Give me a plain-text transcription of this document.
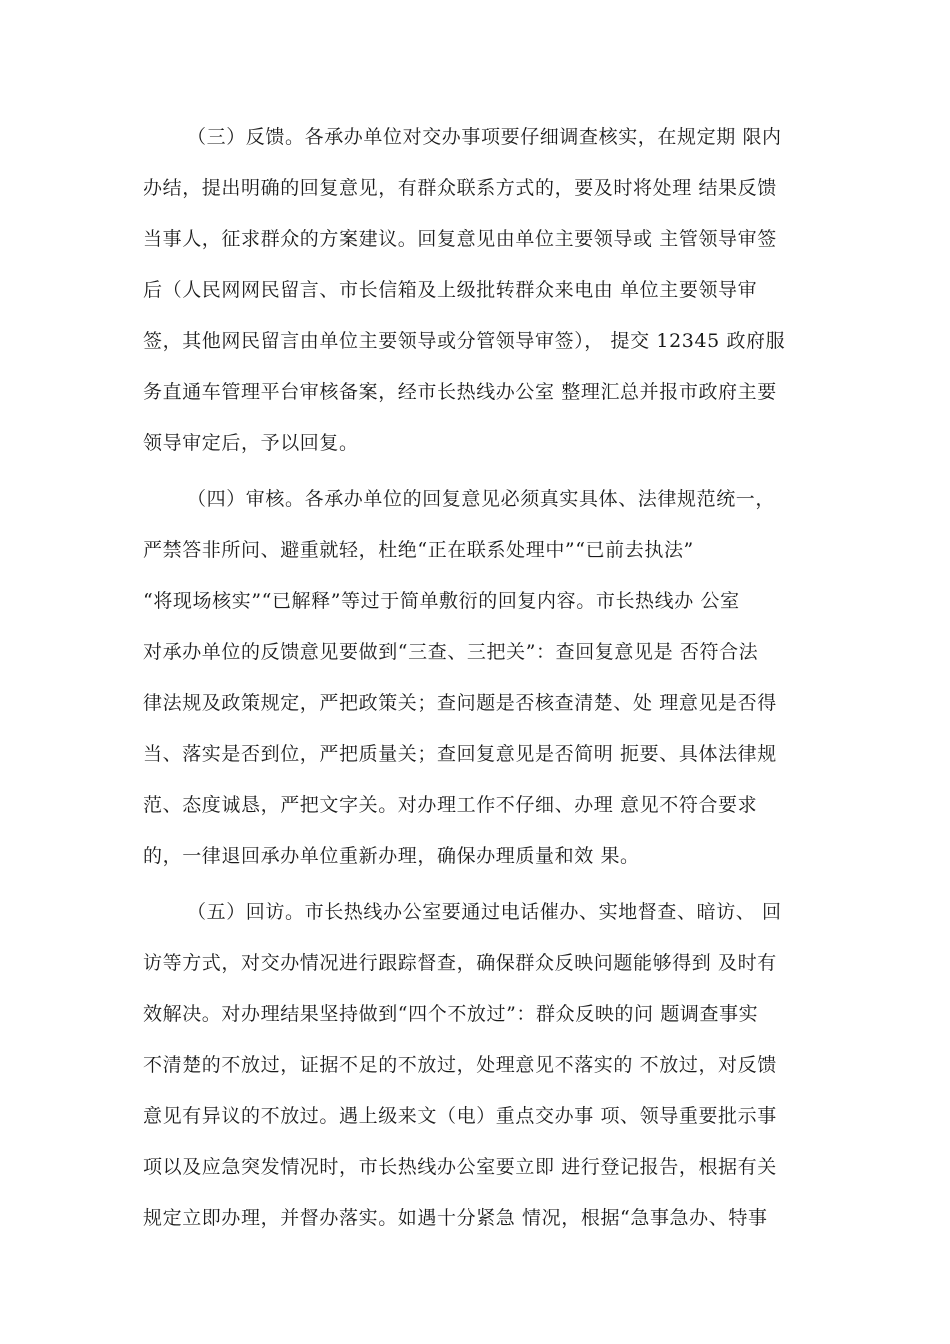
（三）反馈。各承办单位对交办事项要仔细调查核实，在规定期 限内
办结，提出明确的回复意见，有群众联系方式的，要及时将处理 结果反馈
当事人，征求群众的方案建议。回复意见由单位主要领导或 主管领导审签
后（人民网网民留言、市长信箱及上级批转群众来电由 单位主要领导审
签，其他网民留言由单位主要领导或分管领导审签）， 提交 12345 政府服
务直通车管理平台审核备案，经市长热线办公室 整理汇总并报市政府主要
领导审定后，予以回复。
（四）审核。各承办单位的回复意见必须真实具体、法律规范统一，
严禁答非所问、避重就轻，杜绝“正在联系处理中”“已前去执法”
“将现场核实”“已解释”等过于简单敷衍的回复内容。市长热线办 公室
对承办单位的反馈意见要做到“三查、三把关”：查回复意见是 否符合法
律法规及政策规定，严把政策关；查问题是否核查清楚、处 理意见是否得
当、落实是否到位，严把质量关；查回复意见是否简明 扼要、具体法律规
范、态度诚恳，严把文字关。对办理工作不仔细、办理 意见不符合要求
的，一律退回承办单位重新办理，确保办理质量和效 果。
（五）回访。市长热线办公室要通过电话催办、实地督查、暗访、 回
访等方式，对交办情况进行跟踪督查，确保群众反映问题能够得到 及时有
效解决。对办理结果坚持做到“四个不放过”：群众反映的问 题调查事实
不清楚的不放过，证据不足的不放过，处理意见不落实的 不放过，对反馈
意见有异议的不放过。遇上级来文（电）重点交办事 项、领导重要批示事
项以及应急突发情况时，市长热线办公室要立即 进行登记报告，根据有关
规定立即办理，并督办落实。如遇十分紧急 情况，根据“急事急办、特事
